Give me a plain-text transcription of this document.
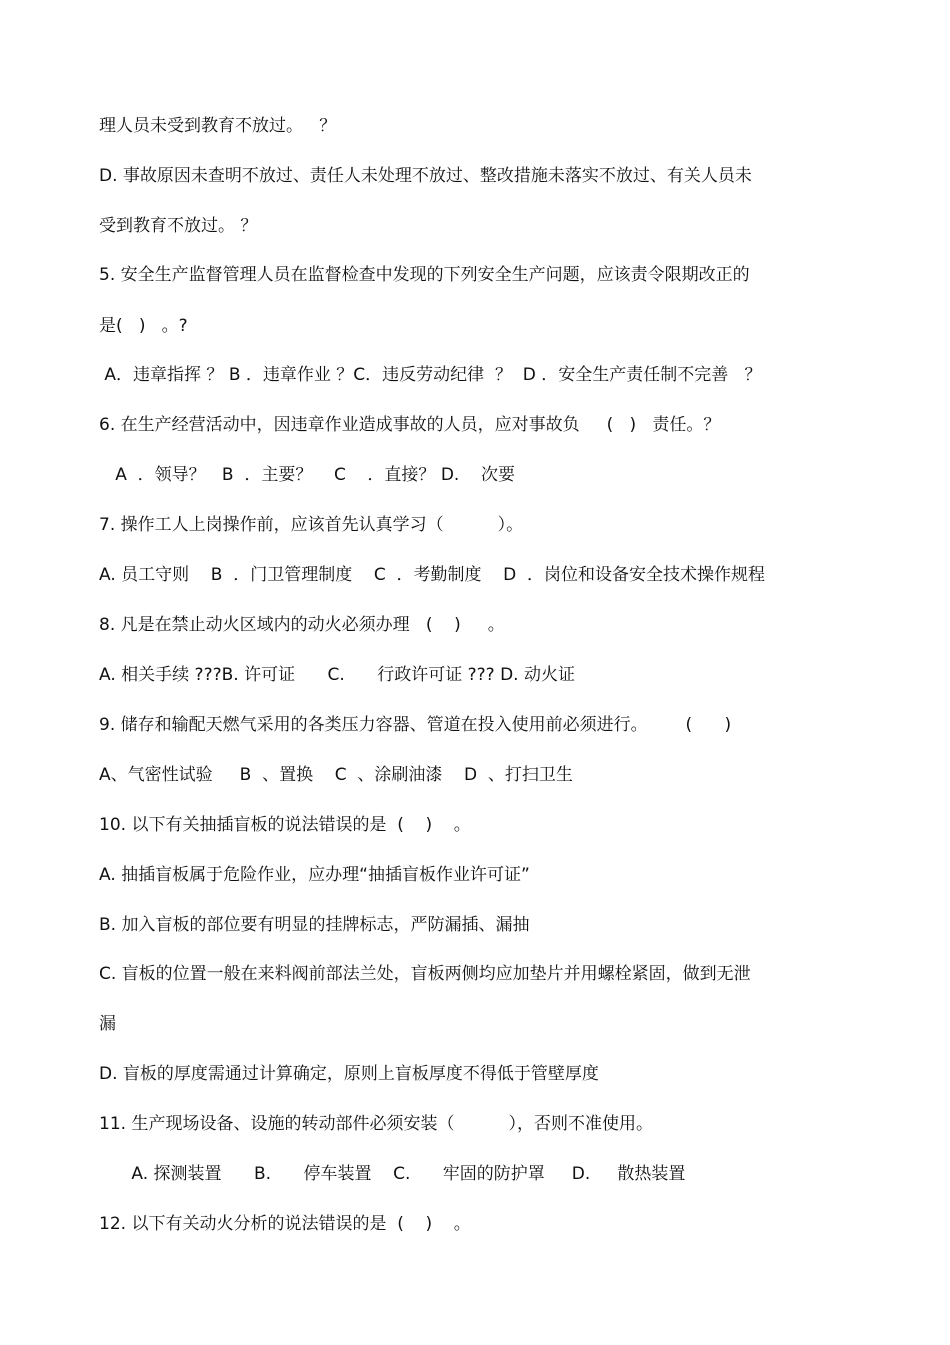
理人员未受到教育不放过。   ？
D. 事故原因未查明不放过、责任人未处理不放过、整改措施未落实不放过、有关人员未
受到教育不放过。 ？
5. 安全生产监督管理人员在监督检查中发现的下列安全生产问题，应该责令限期改正的
是(   )   。?
A．违章指挥 ？ B ．违章作业 ？C．违反劳动纪律  ？  D ．安全生产责任制不完善   ？
6. 在生产经营活动中，因违章作业造成事故的人员，应对事故负     (   )   责任。？
A  ．领导？   B  ．主要？    C    ．直接？ D.    次要
7. 操作工人上岗操作前，应该首先认真学习（          ）。
A. 员工守则    B  ．门卫管理制度    C  ．考勤制度    D  ．岗位和设备安全技术操作规程
8. 凡是在禁止动火区域内的动火必须办理   (    )     。
A. 相关手续 ???B. 许可证      C.      行政许可证 ??? D. 动火证
9. 储存和输配天燃气采用的各类压力容器、管道在投入使用前必须进行。       (      )
A、气密性试验     B  、置换    C  、涂刷油漆    D  、打扫卫生
10. 以下有关抽插盲板的说法错误的是  (    )    。
A. 抽插盲板属于危险作业，应办理“抽插盲板作业许可证”
B. 加入盲板的部位要有明显的挂牌标志，严防漏插、漏抽
C. 盲板的位置一般在来料阀前部法兰处，盲板两侧均应加垫片并用螺栓紧固，做到无泄
漏
D. 盲板的厚度需通过计算确定，原则上盲板厚度不得低于管壁厚度
11. 生产现场设备、设施的转动部件必须安装（          ），否则不准使用。
A. 探测装置      B.      停车装置    C.      牢固的防护罩     D.     散热装置
12. 以下有关动火分析的说法错误的是  (    )    。
